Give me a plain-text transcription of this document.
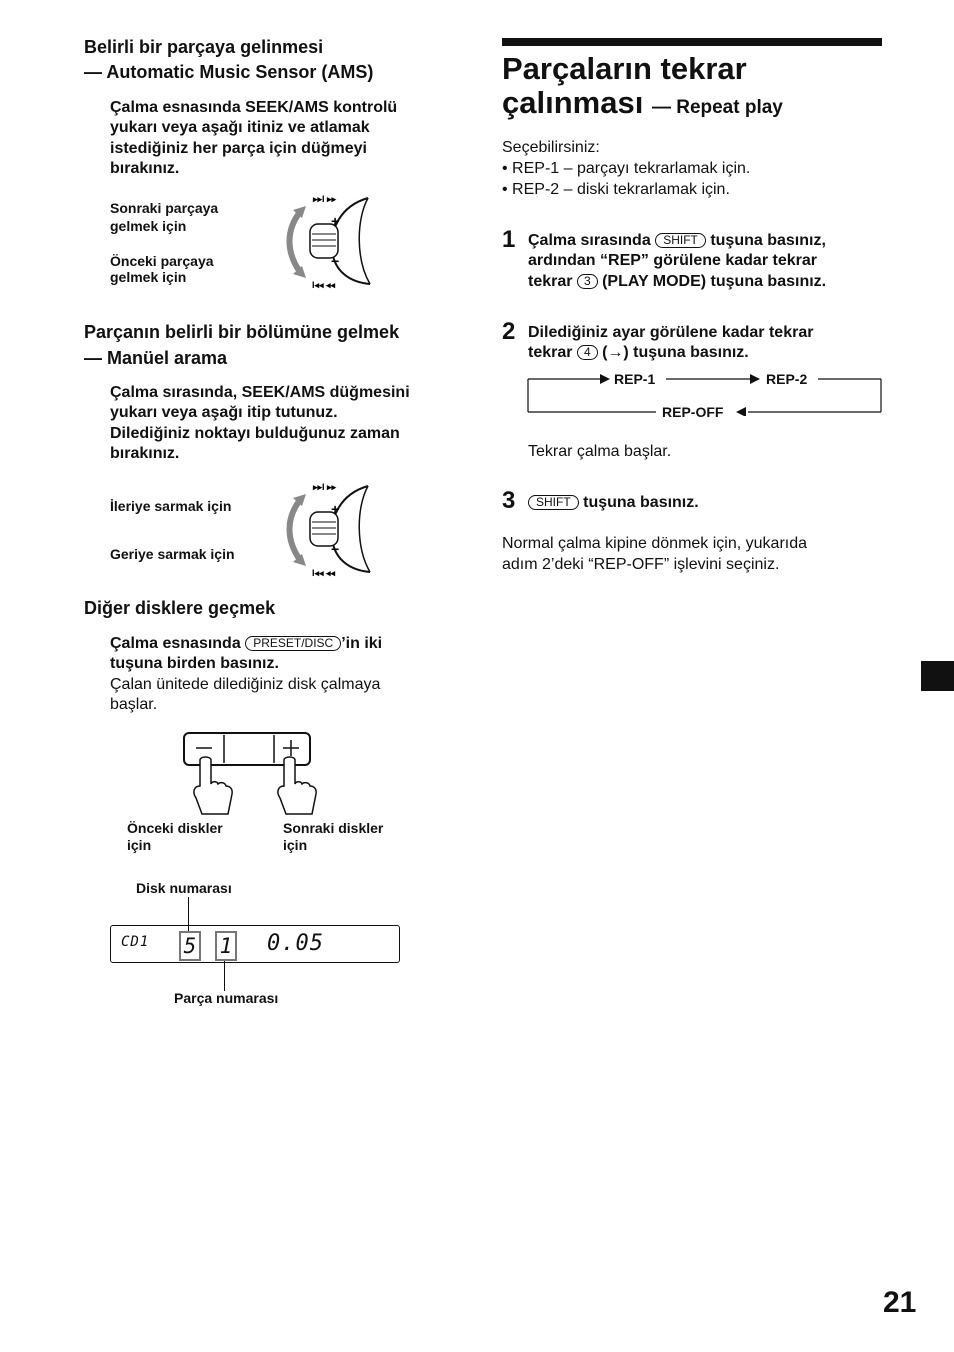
Belirli bir parçaya gelinmesi
— Automatic Music Sensor (AMS)
Çalma esnasında SEEK/AMS kontrolü
yukarı veya aşağı itiniz ve atlamak
istediğiniz her parça için düğmeyi
bırakınız.
Sonraki parçaya
gelmek için
Önceki parçaya
gelmek için
▸▸I ▸▸
+
−
I◂◂ ◂◂
Parçanın belirli bir bölümüne gelmek
— Manüel arama
Çalma sırasında, SEEK/AMS düğmesini
yukarı veya aşağı itip tutunuz.
Dilediğiniz noktayı bulduğunuz zaman
bırakınız.
İleriye sarmak için
Geriye sarmak için
▸▸I ▸▸
+
−
I◂◂ ◂◂
Diğer disklere geçmek
Çalma esnasında PRESET/DISC ’in iki
tuşuna birden basınız.
Çalan ünitede dilediğiniz disk çalmaya
başlar.
Önceki diskler
için
Sonraki diskler
için
Disk numarası
CD1 5 1 0.05
Parça numarası
Parçaların tekrar
çalınması — Repeat play
Seçebilirsiniz:
• REP-1 – parçayı tekrarlamak için.
• REP-2 – diski tekrarlamak için.
1 Çalma sırasında SHIFT tuşuna basınız,
ardından “REP” görülene kadar tekrar
tekrar 3 (PLAY MODE) tuşuna basınız.
2 Dilediğiniz ayar görülene kadar tekrar
tekrar 4 (→) tuşuna basınız.
REP-1	REP-2
REP-OFF
Tekrar çalma başlar.
3	SHIFT tuşuna basınız.
Normal çalma kipine dönmek için, yukarıda
adım 2’deki “REP-OFF” işlevini seçiniz.
21
